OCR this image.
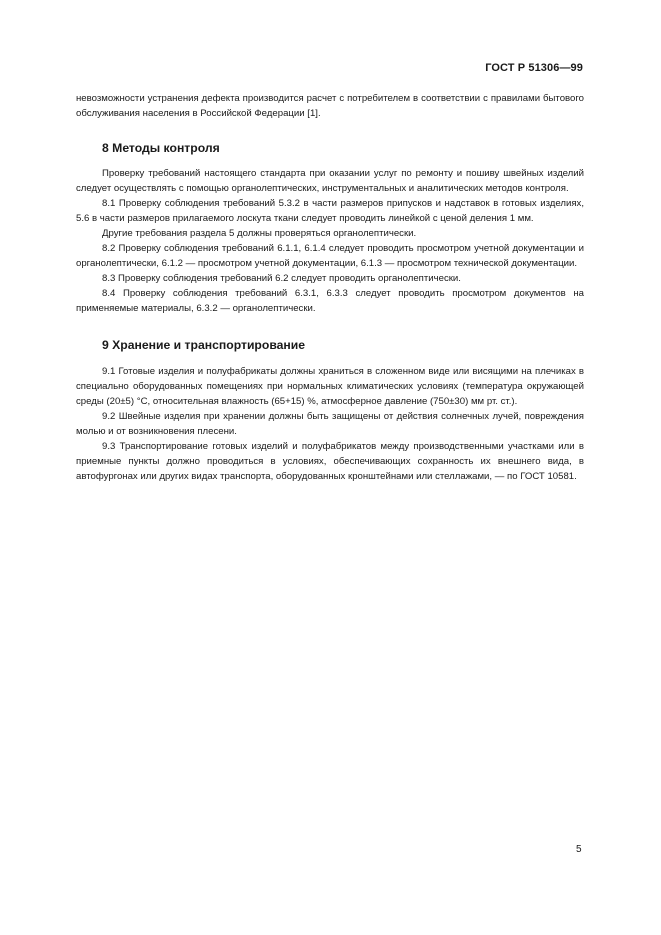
ГОСТ Р 51306—99

невозможности устранения дефекта производится расчет с потребителем в соответствии с правилами бытового обслуживания населения в Российской Федерации [1].

8 Методы контроля

Проверку требований настоящего стандарта при оказании услуг по ремонту и пошиву швейных изделий следует осуществлять с помощью органолептических, инструментальных и аналитических методов контроля.

8.1 Проверку соблюдения требований 5.3.2 в части размеров припусков и надставок в готовых изделиях, 5.6 в части размеров прилагаемого лоскута ткани следует проводить линейкой с ценой деления 1 мм.

Другие требования раздела 5 должны проверяться органолептически.

8.2 Проверку соблюдения требований 6.1.1, 6.1.4 следует проводить просмотром учетной документации и органолептически, 6.1.2 — просмотром учетной документации, 6.1.3 — просмотром технической документации.

8.3 Проверку соблюдения требований 6.2 следует проводить органолептически.

8.4 Проверку соблюдения требований 6.3.1, 6.3.3 следует проводить просмотром документов на применяемые материалы, 6.3.2 — органолептически.

9 Хранение и транспортирование

9.1 Готовые изделия и полуфабрикаты должны храниться в сложенном виде или висящими на плечиках в специально оборудованных помещениях при нормальных климатических условиях (температура окружающей среды (20±5) °С, относительная влажность (65+15) %, атмосферное давление (750±30) мм рт. ст.).

9.2 Швейные изделия при хранении должны быть защищены от действия солнечных лучей, повреждения молью и от возникновения плесени.

9.3 Транспортирование готовых изделий и полуфабрикатов между производственными участками или в приемные пункты должно проводиться в условиях, обеспечивающих сохранность их внешнего вида, в автофургонах или других видах транспорта, оборудованных кронштейнами или стеллажами, — по ГОСТ 10581.

5
